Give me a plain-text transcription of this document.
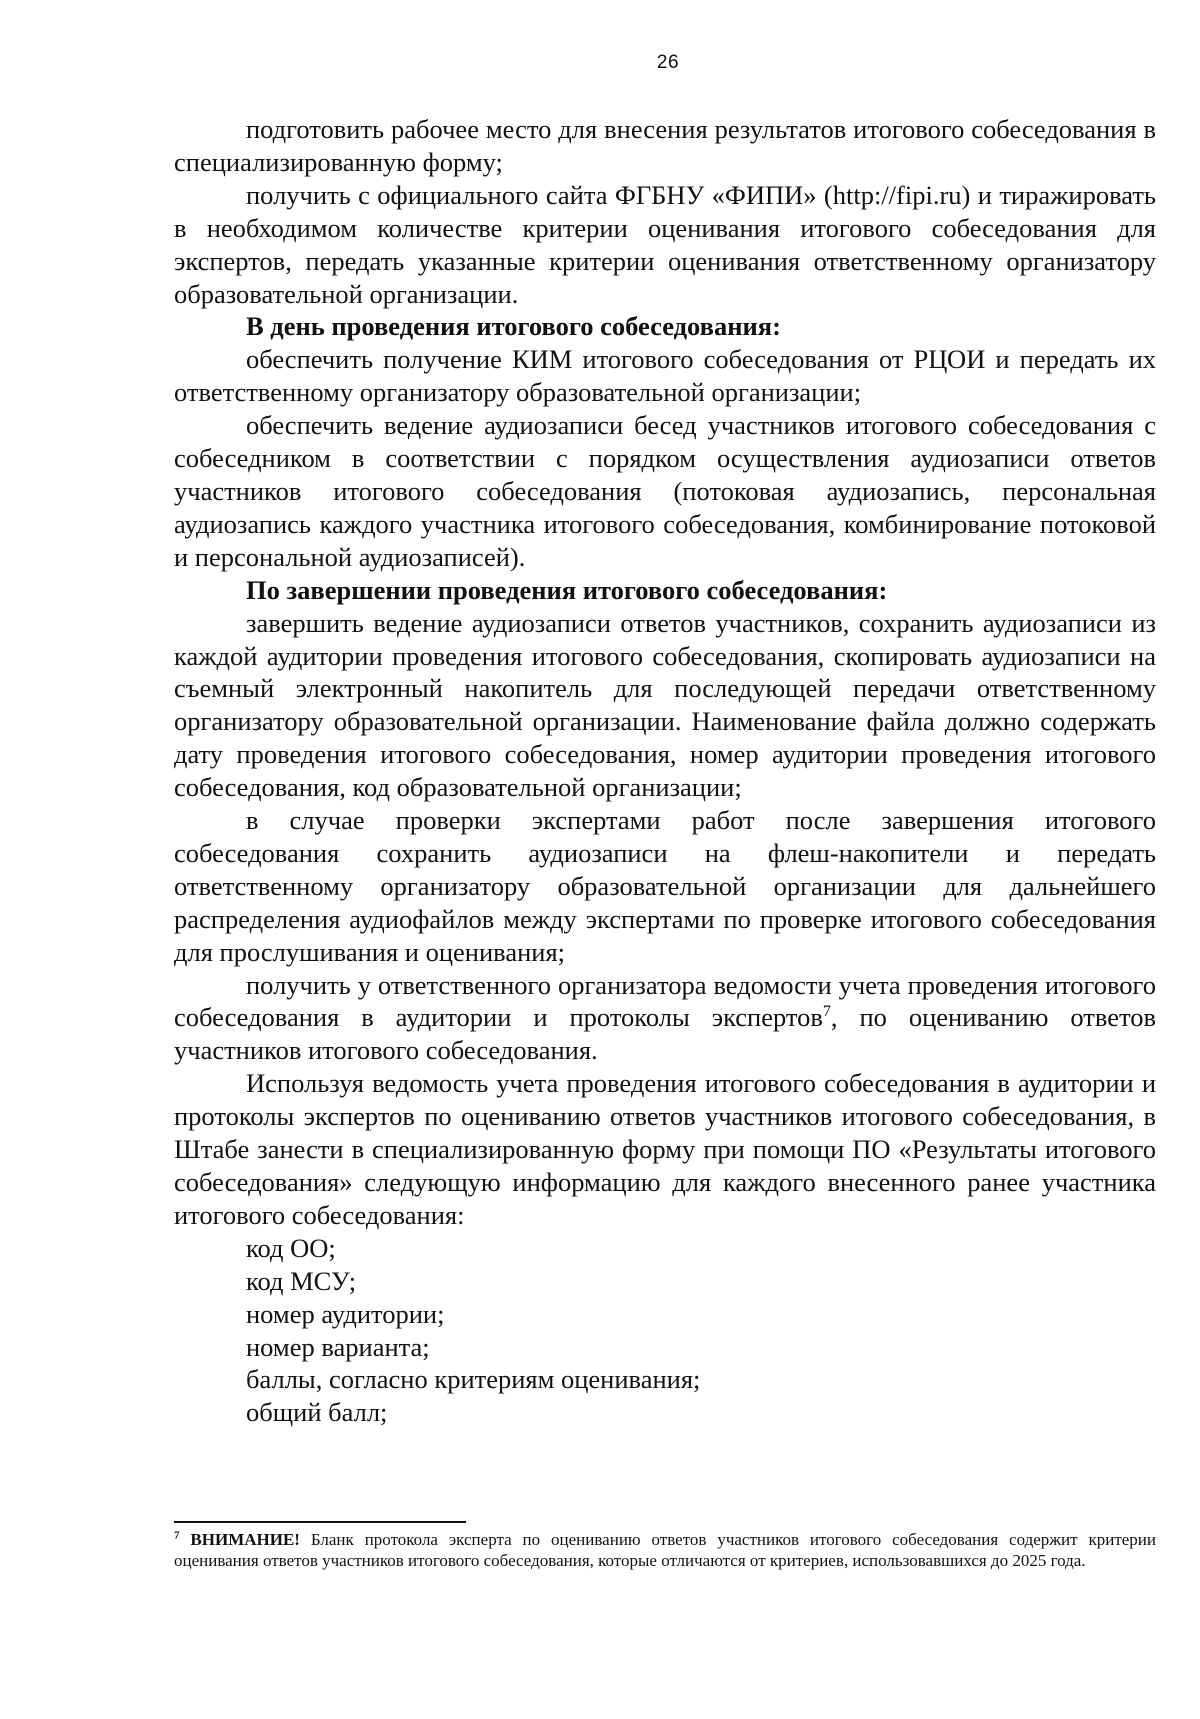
26

подготовить рабочее место для внесения результатов итогового собеседования в специализированную форму;

получить с официального сайта ФГБНУ «ФИПИ» (http://fipi.ru) и тиражировать в необходимом количестве критерии оценивания итогового собеседования для экспертов, передать указанные критерии оценивания ответственному организатору образовательной организации.

В день проведения итогового собеседования:

обеспечить получение КИМ итогового собеседования от РЦОИ и передать их ответственному организатору образовательной организации;

обеспечить ведение аудиозаписи бесед участников итогового собеседования с собеседником в соответствии с порядком осуществления аудиозаписи ответов участников итогового собеседования (потоковая аудиозапись, персональная аудиозапись каждого участника итогового собеседования, комбинирование потоковой и персональной аудиозаписей).

По завершении проведения итогового собеседования:

завершить ведение аудиозаписи ответов участников, сохранить аудиозаписи из каждой аудитории проведения итогового собеседования, скопировать аудиозаписи на съемный электронный накопитель для последующей передачи ответственному организатору образовательной организации. Наименование файла должно содержать дату проведения итогового собеседования, номер аудитории проведения итогового собеседования, код образовательной организации;

в случае проверки экспертами работ после завершения итогового собеседования сохранить аудиозаписи на флеш-накопители и передать ответственному организатору образовательной организации для дальнейшего распределения аудиофайлов между экспертами по проверке итогового собеседования для прослушивания и оценивания;

получить у ответственного организатора ведомости учета проведения итогового собеседования в аудитории и протоколы экспертов$^7$, по оцениванию ответов участников итогового собеседования.

Используя ведомость учета проведения итогового собеседования в аудитории и протоколы экспертов по оцениванию ответов участников итогового собеседования, в Штабе занести в специализированную форму при помощи ПО «Результаты итогового собеседования» следующую информацию для каждого внесенного ранее участника итогового собеседования:

код ОО;

код МСУ;

номер аудитории;

номер варианта;

баллы, согласно критериям оценивания;

общий балл;

$^7$ ВНИМАНИЕ! Бланк протокола эксперта по оцениванию ответов участников итогового собеседования содержит критерии оценивания ответов участников итогового собеседования, которые отличаются от критериев, использовавшихся до 2025 года.
